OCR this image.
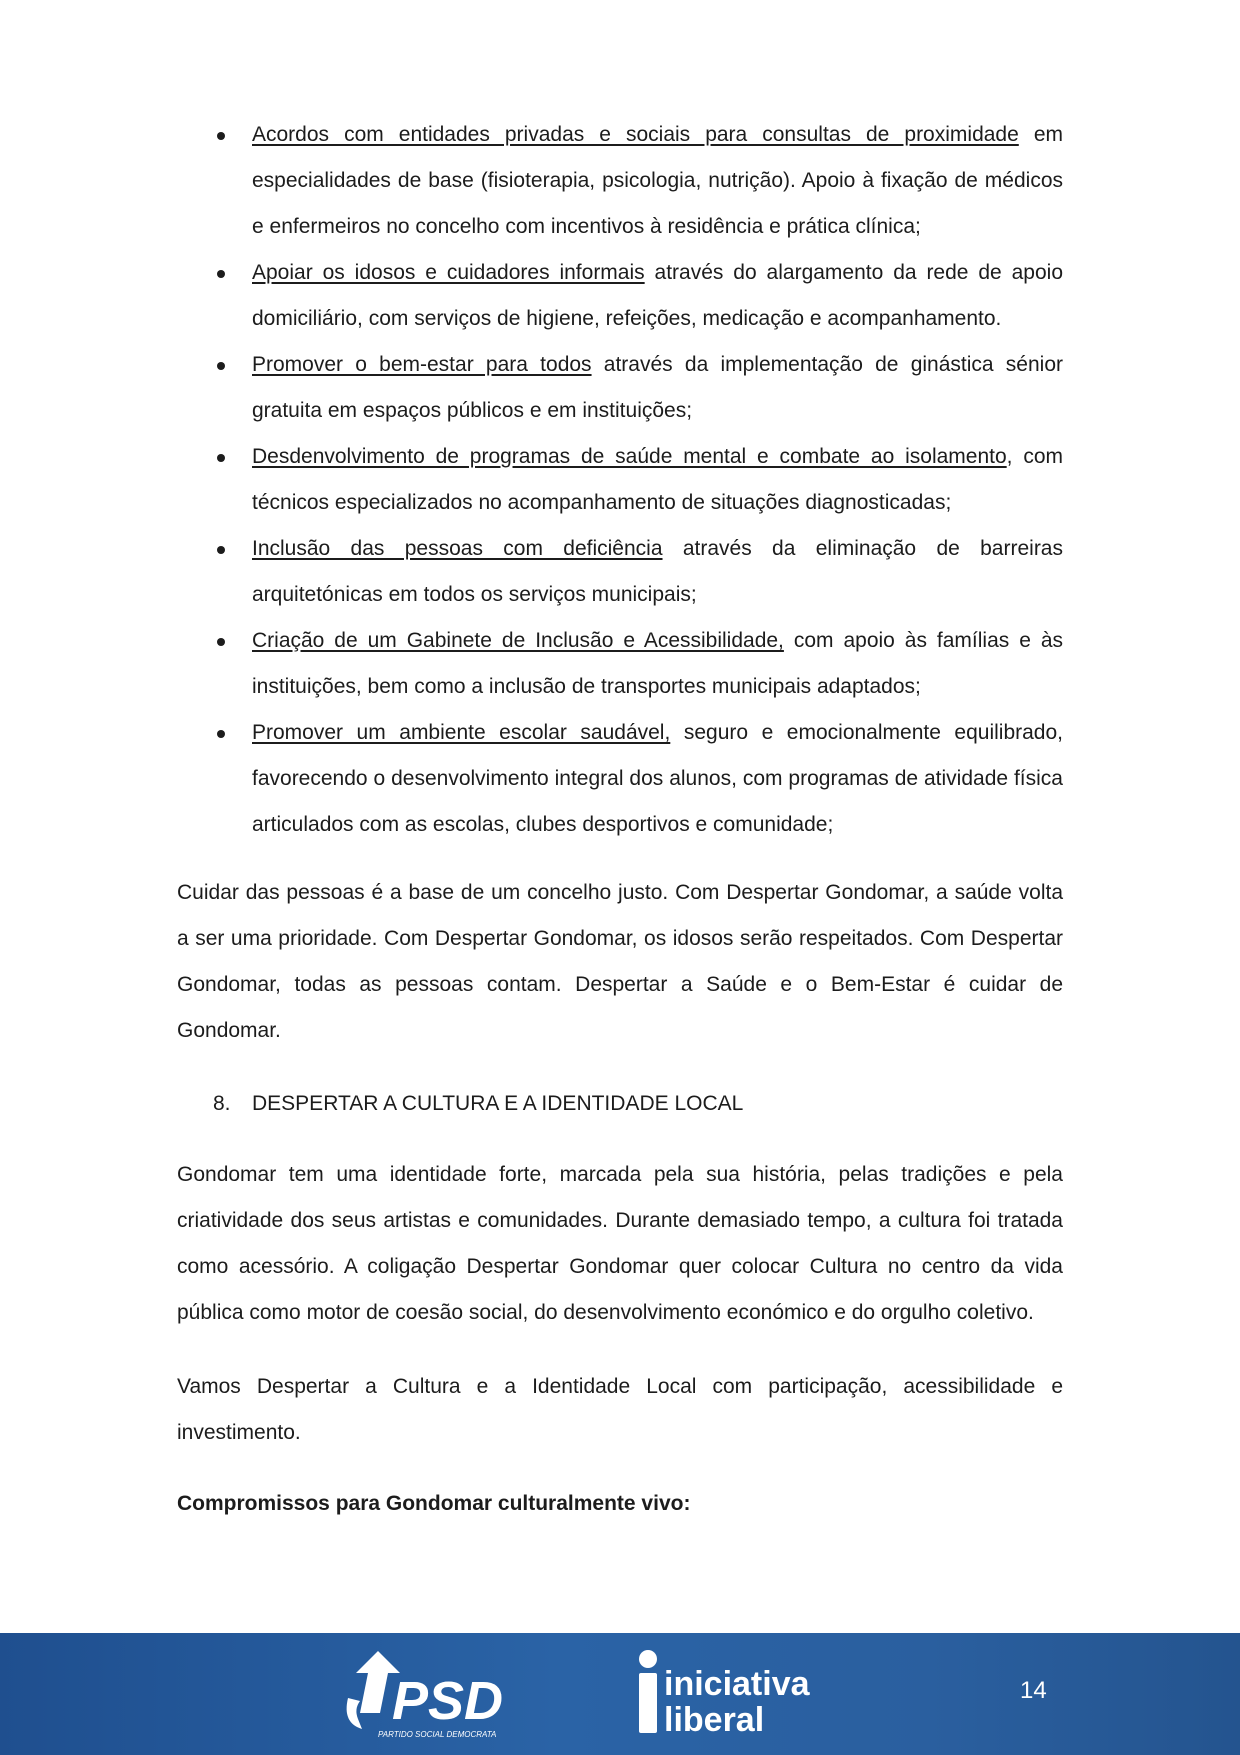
Acordos com entidades privadas e sociais para consultas de proximidade em especialidades de base (fisioterapia, psicologia, nutrição). Apoio à fixação de médicos e enfermeiros no concelho com incentivos à residência e prática clínica;
Apoiar os idosos e cuidadores informais através do alargamento da rede de apoio domiciliário, com serviços de higiene, refeições, medicação e acompanhamento.
Promover o bem-estar para todos através da implementação de ginástica sénior gratuita em espaços públicos e em instituições;
Desdenvolvimento de programas de saúde mental e combate ao isolamento, com técnicos especializados no acompanhamento de situações diagnosticadas;
Inclusão das pessoas com deficiência através da eliminação de barreiras arquitetónicas em todos os serviços municipais;
Criação de um Gabinete de Inclusão e Acessibilidade, com apoio às famílias e às instituições, bem como a inclusão de transportes municipais adaptados;
Promover um ambiente escolar saudável, seguro e emocionalmente equilibrado, favorecendo o desenvolvimento integral dos alunos, com programas de atividade física articulados com as escolas, clubes desportivos e comunidade;

Cuidar das pessoas é a base de um concelho justo. Com Despertar Gondomar, a saúde volta a ser uma prioridade. Com Despertar Gondomar, os idosos serão respeitados. Com Despertar Gondomar, todas as pessoas contam. Despertar a Saúde e o Bem-Estar é cuidar de Gondomar.

8.	DESPERTAR A CULTURA E A IDENTIDADE LOCAL

Gondomar tem uma identidade forte, marcada pela sua história, pelas tradições e pela criatividade dos seus artistas e comunidades. Durante demasiado tempo, a cultura foi tratada como acessório. A coligação Despertar Gondomar quer colocar Cultura no centro da vida pública como motor de coesão social, do desenvolvimento económico e do orgulho coletivo.

Vamos Despertar a Cultura e a Identidade Local com participação, acessibilidade e investimento.

Compromissos para Gondomar culturalmente vivo:

PSD
PARTIDO SOCIAL DEMOCRATA
iniciativa
liberal
14
